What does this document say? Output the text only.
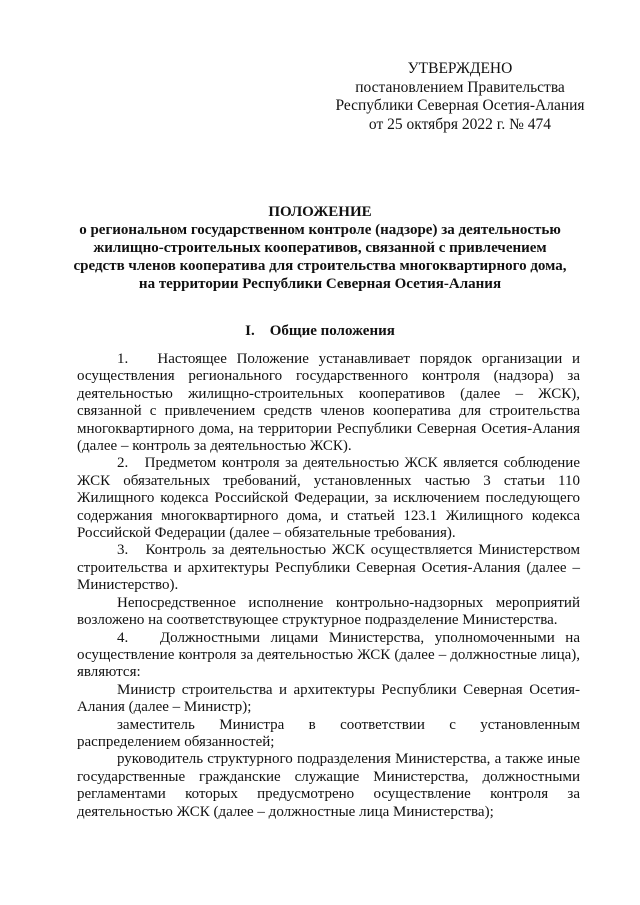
УТВЕРЖДЕНО
постановлением Правительства
Республики Северная Осетия-Алания
от 25 октября 2022 г. № 474
ПОЛОЖЕНИЕ
о региональном государственном контроле (надзоре) за деятельностью
жилищно-строительных кооперативов, связанной с привлечением
средств членов кооператива для строительства многоквартирного дома,
на территории Республики Северная Осетия-Алания
I. Общие положения

1.   Настоящее Положение устанавливает порядок организации и осуществления регионального государственного контроля (надзора) за деятельностью жилищно-строительных кооперативов (далее – ЖСК), связанной с привлечением средств членов кооператива для строительства многоквартирного дома, на территории Республики Северная Осетия-Алания (далее – контроль за деятельностью ЖСК).

2.   Предметом контроля за деятельностью ЖСК является соблюдение ЖСК обязательных требований, установленных частью 3 статьи 110 Жилищного кодекса Российской Федерации, за исключением последующего содержания многоквартирного дома, и статьей 123.1 Жилищного кодекса Российской Федерации (далее – обязательные требования).

3.   Контроль за деятельностью ЖСК осуществляется Министерством строительства и архитектуры Республики Северная Осетия-Алания (далее – Министерство).

Непосредственное исполнение контрольно-надзорных мероприятий возложено на соответствующее структурное подразделение Министерства.

4.   Должностными лицами Министерства, уполномоченными на осуществление контроля за деятельностью ЖСК (далее – должностные лица), являются:

Министр строительства и архитектуры Республики Северная Осетия-Алания (далее – Министр);

заместитель Министра в соответствии с установленным распределением обязанностей;

руководитель структурного подразделения Министерства, а также иные государственные гражданские служащие Министерства, должностными регламентами которых предусмотрено осуществление контроля за деятельностью ЖСК (далее – должностные лица Министерства);
